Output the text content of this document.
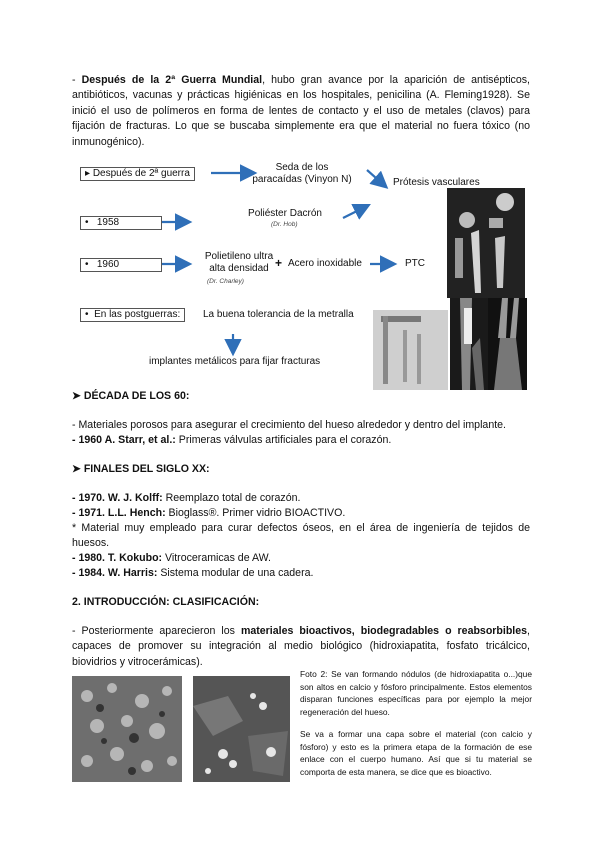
- Después de la 2ª Guerra Mundial, hubo gran avance por la aparición de antisépticos, antibióticos, vacunas y prácticas higiénicas en los hospitales, penicilina (A. Fleming1928). Se inició el uso de polímeros en forma de lentes de contacto y el uso de metales (clavos) para fijación de fracturas. Lo que se buscaba simplemente era que el material no fuera tóxico (no inmunogénico).
▸ Después de 2ª guerra
Seda de los
paracaídas (Vinyon N)	Prótesis vasculares
•   1958
Poliéster Dacrón
(Dr. Hob)
•   1960
Polietileno ultra
alta densidad
(Dr. Charley)
+ Acero inoxidable	PTC
•  En las postguerras:	La buena tolerancia de la metralla
implantes metálicos para fijar fracturas
➤ DÉCADA DE LOS 60:
- Materiales porosos para asegurar el crecimiento del hueso alrededor y dentro del implante.
- 1960 A. Starr, et al.: Primeras válvulas artificiales para el corazón.
➤ FINALES DEL SIGLO XX:
- 1970. W. J. Kolff: Reemplazo total de corazón.
- 1971. L.L. Hench: Bioglass®. Primer vidrio BIOACTIVO.
* Material muy empleado para curar defectos óseos, en el área de ingeniería de tejidos de huesos.
- 1980. T. Kokubo: Vitroceramicas de AW.
- 1984. W. Harris: Sistema modular de una cadera.
2. INTRODUCCIÓN: CLASIFICACIÓN:
- Posteriormente aparecieron los materiales bioactivos, biodegradables o reabsorbibles, capaces de promover su integración al medio biológico (hidroxiapatita, fosfato tricálcico, biovidrios y vitrocerámicas).
Foto 2: Se van formando nódulos (de hidroxiapatita o...)que son altos en calcio y fósforo principalmente. Estos elementos disparan funciones específicas para por ejemplo la mejor regeneración del hueso.
Se va a formar una capa sobre el material (con calcio y fósforo) y esto es la primera etapa de la formación de ese enlace con el cuerpo humano. Así que si tu material se comporta de esta manera, se dice que es bioactivo.
